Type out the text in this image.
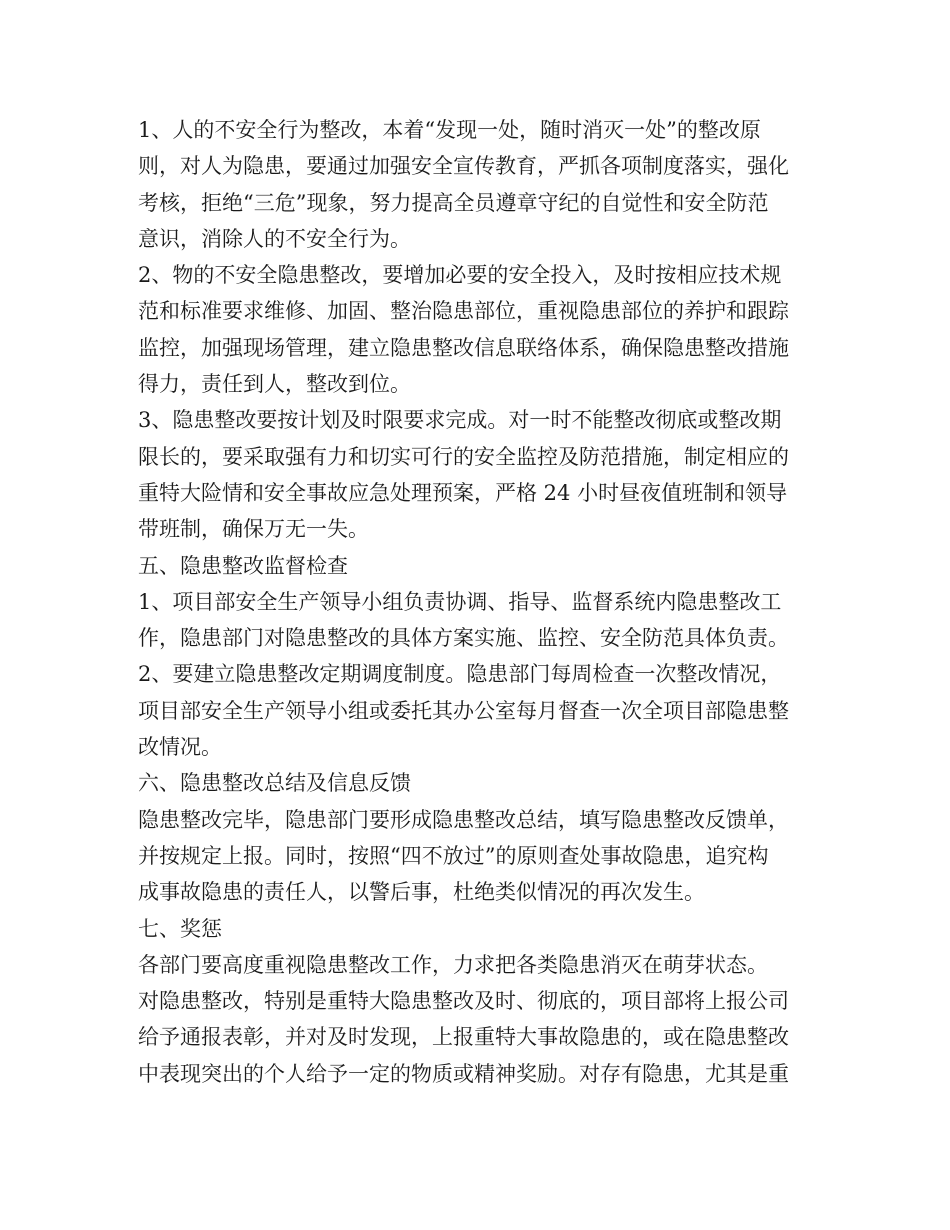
1、人的不安全行为整改，本着“发现一处，随时消灭一处”的整改原
则，对人为隐患，要通过加强安全宣传教育，严抓各项制度落实，强化
考核，拒绝“三危”现象，努力提高全员遵章守纪的自觉性和安全防范
意识，消除人的不安全行为。
2、物的不安全隐患整改，要增加必要的安全投入，及时按相应技术规
范和标准要求维修、加固、整治隐患部位，重视隐患部位的养护和跟踪
监控，加强现场管理，建立隐患整改信息联络体系，确保隐患整改措施
得力，责任到人，整改到位。
3、隐患整改要按计划及时限要求完成。对一时不能整改彻底或整改期
限长的，要采取强有力和切实可行的安全监控及防范措施，制定相应的
重特大险情和安全事故应急处理预案，严格 24 小时昼夜值班制和领导
带班制，确保万无一失。
五、隐患整改监督检查
1、项目部安全生产领导小组负责协调、指导、监督系统内隐患整改工
作，隐患部门对隐患整改的具体方案实施、监控、安全防范具体负责。
2、要建立隐患整改定期调度制度。隐患部门每周检查一次整改情况，
项目部安全生产领导小组或委托其办公室每月督查一次全项目部隐患整
改情况。
六、隐患整改总结及信息反馈
隐患整改完毕，隐患部门要形成隐患整改总结，填写隐患整改反馈单，
并按规定上报。同时，按照“四不放过”的原则查处事故隐患，追究构
成事故隐患的责任人，以警后事，杜绝类似情况的再次发生。
七、奖惩
各部门要高度重视隐患整改工作，力求把各类隐患消灭在萌芽状态。
对隐患整改，特别是重特大隐患整改及时、彻底的，项目部将上报公司
给予通报表彰，并对及时发现，上报重特大事故隐患的，或在隐患整改
中表现突出的个人给予一定的物质或精神奖励。对存有隐患，尤其是重
